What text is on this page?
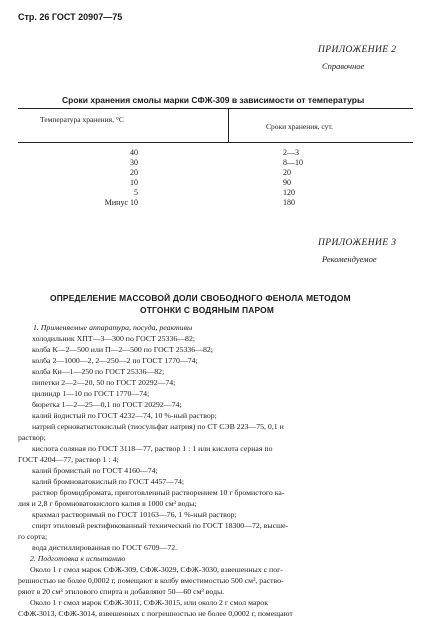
Стр. 26 ГОСТ 20907—75
ПРИЛОЖЕНИЕ 2
Справочное
Сроки хранения смолы марки СФЖ-309 в зависимости от температуры
Температура хранения, °С
Сроки хранения, сут.
40	2—3
30	8—10
20	20
10	90
5	120
Минус 10	180
ПРИЛОЖЕНИЕ 3
Рекомендуемое
ОПРЕДЕЛЕНИЕ МАССОВОЙ ДОЛИ СВОБОДНОГО ФЕНОЛА МЕТОДОМ
ОТГОНКИ С ВОДЯНЫМ ПАРОМ
1. Применяемые аппаратура, посуда, реактивы
холодильник ХПТ—3—300 по ГОСТ 25336—82;
колба К—2—500 или П—2—500 по ГОСТ 25336—82;
колба 2—1000—2, 2—250—2 по ГОСТ 1770—74;
колба Кн—1—250 по ГОСТ 25336—82;
пипетки 2—2—20, 50 по ГОСТ 20292—74;
цилиндр 1—10 по ГОСТ 1770—74;
бюретка 1—2—25—0,1 по ГОСТ 20292—74;
калий йодистый по ГОСТ 4232—74, 10 %-ный раствор;
натрий серноватистокислый (тиосульфат натрия) по СТ СЭВ 223—75, 0,1 н
раствор;
кислота соляная по ГОСТ 3118—77, раствор 1 : 1 или кислота серная по
ГОСТ 4204—77, раствор 1 : 4;
калий бромистый по ГОСТ 4160—74;
калий бромноватокислый по ГОСТ 4457—74;
раствор бромидбромата, приготовленный растворением 10 г бромистого ка-
лия и 2,8 г бромноватокислого калия в 1000 см³ воды;
крахмал растворимый по ГОСТ 10163—76, 1 %-ный раствор;
спирт этиловый ректификованный технический по ГОСТ 18300—72, высше-
го сорта;
вода дистиллированная по ГОСТ 6709—72.
2. Подготовка к испытанию
Около 1 г смол марок СФЖ-309, СФЖ-3029, СФЖ-3030, взвешенных с пог-
решностью не более 0,0002 г, помещают в колбу вместимостью 500 см³, раство-
ряют в 20 см³ этилового спирта и добавляют 50—60 см³ воды.
Около 1 г смол марок СФЖ-3011, СФЖ-3015, или около 2 г смол марок
СФЖ-3013, СФЖ-3014, взвешенных с погрешностью не более 0,0002 г, помещают
